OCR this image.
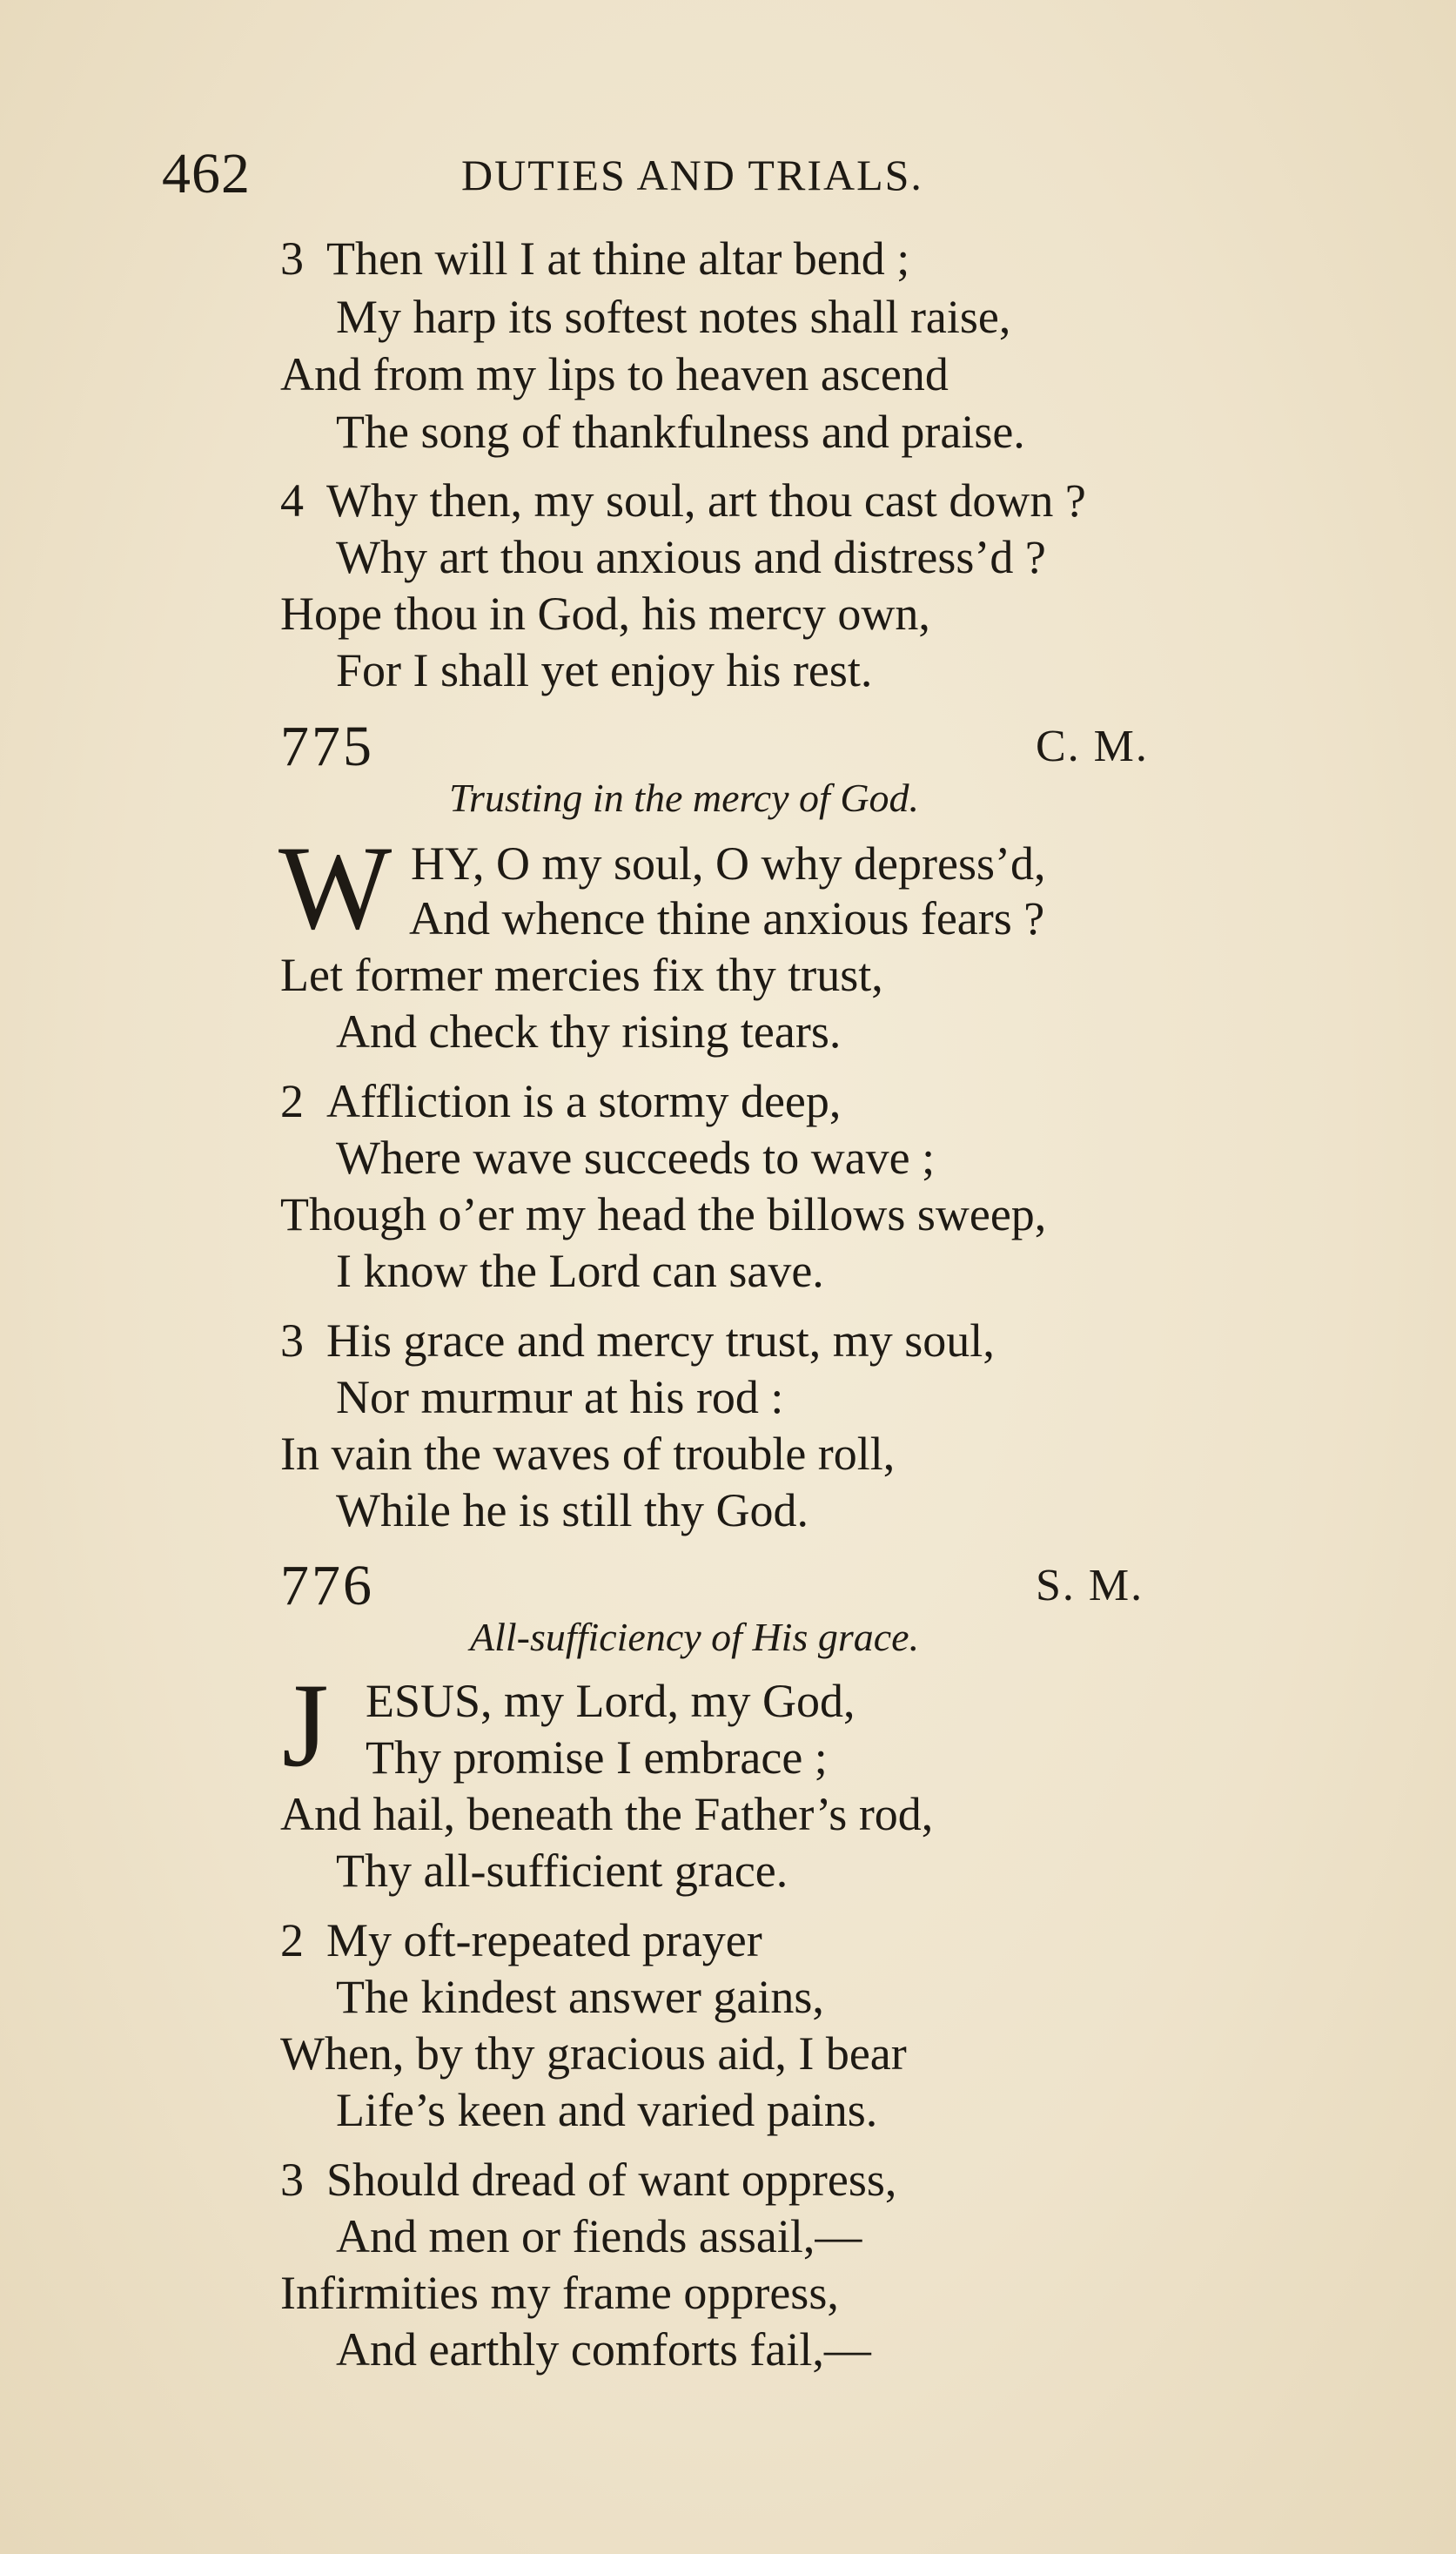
462	DUTIES AND TRIALS.
3 Then will I at thine altar bend ;
My harp its softest notes shall raise,
And from my lips to heaven ascend
The song of thankfulness and praise.
4 Why then, my soul, art thou cast down ?
Why art thou anxious and distress’d ?
Hope thou in God, his mercy own,
For I shall yet enjoy his rest.
775	C. M.
Trusting in the mercy of God.
W HY, O my soul, O why depress’d,
And whence thine anxious fears ?
Let former mercies fix thy trust,
And check thy rising tears.
2 Affliction is a stormy deep,
Where wave succeeds to wave ;
Though o’er my head the billows sweep,
I know the Lord can save.
3 His grace and mercy trust, my soul,
Nor murmur at his rod :
In vain the waves of trouble roll,
While he is still thy God.
776	S. M.
All-sufficiency of His grace.
J ESUS, my Lord, my God,
Thy promise I embrace ;
And hail, beneath the Father’s rod,
Thy all-sufficient grace.
2 My oft-repeated prayer
The kindest answer gains,
When, by thy gracious aid, I bear
Life’s keen and varied pains.
3 Should dread of want oppress,
And men or fiends assail,—
Infirmities my frame oppress,
And earthly comforts fail,—
